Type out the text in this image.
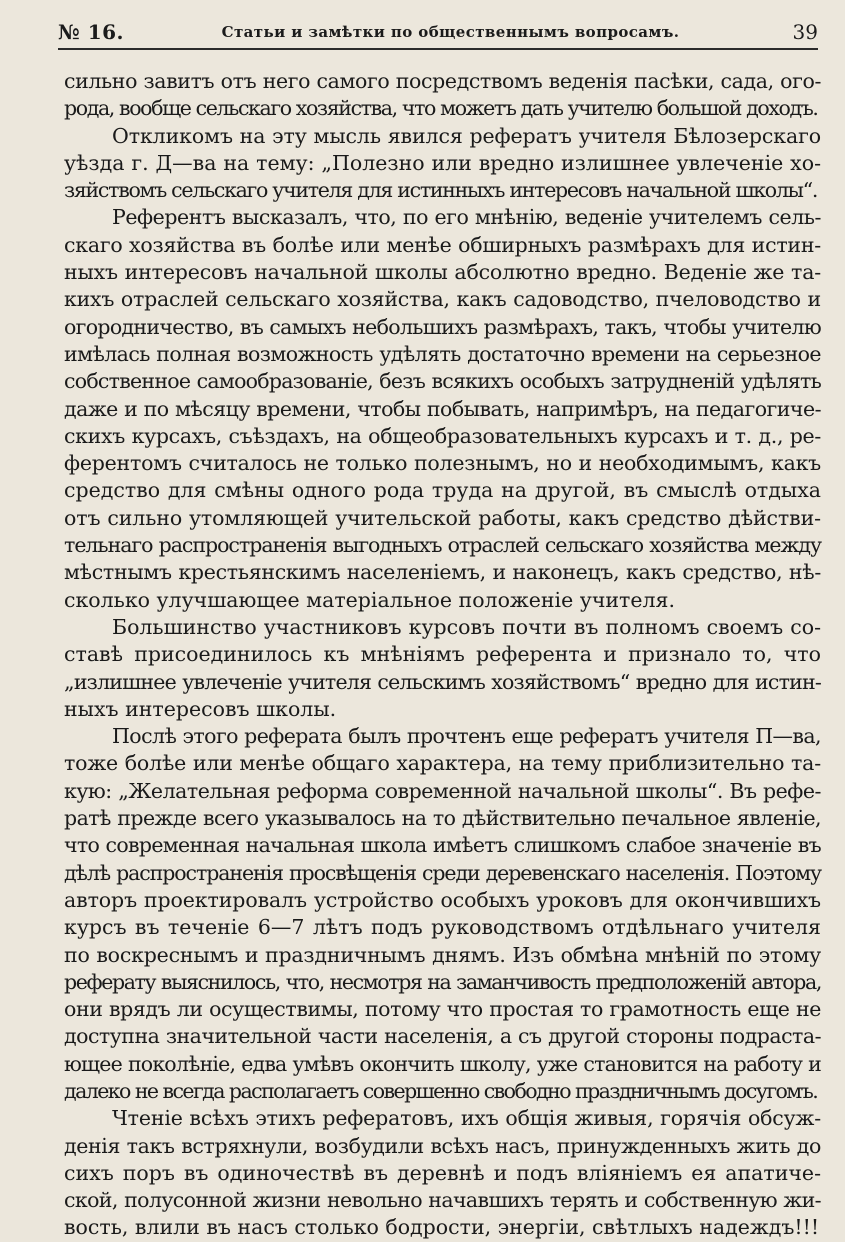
№ 16.	Статьи и замѣтки по общественнымъ вопросамъ.	39
сильно завитъ отъ него самого посредствомъ веденія пасѣки, сада, ого-
рода, вообще сельскаго хозяйства, что можетъ дать учителю большой доходъ.
Откликомъ на эту мысль явился рефератъ учителя Бѣлозерскаго
уѣзда г. Д—ва на тему: „Полезно или вредно излишнее увлеченіе хо-
зяйствомъ сельскаго учителя для истинныхъ интересовъ начальной школы“.
Референтъ высказалъ, что, по его мнѣнію, веденіе учителемъ сель-
скаго хозяйства въ болѣе или менѣе обширныхъ размѣрахъ для истин-
ныхъ интересовъ начальной школы абсолютно вредно. Веденіе же та-
кихъ отраслей сельскаго хозяйства, какъ садоводство, пчеловодство и
огородничество, въ самыхъ небольшихъ размѣрахъ, такъ, чтобы учителю
имѣлась полная возможность удѣлять достаточно времени на серьезное
собственное самообразованіе, безъ всякихъ особыхъ затрудненій удѣлять
даже и по мѣсяцу времени, чтобы побывать, напримѣръ, на педагогиче-
скихъ курсахъ, съѣздахъ, на общеобразовательныхъ курсахъ и т. д., ре-
ферентомъ считалось не только полезнымъ, но и необходимымъ, какъ
средство для смѣны одного рода труда на другой, въ смыслѣ отдыха
отъ сильно утомляющей учительской работы, какъ средство дѣйстви-
тельнаго распространенія выгодныхъ отраслей сельскаго хозяйства между
мѣстнымъ крестьянскимъ населеніемъ, и наконецъ, какъ средство, нѣ-
сколько улучшающее матеріальное положеніе учителя.
Большинство участниковъ курсовъ почти въ полномъ своемъ со-
ставѣ присоединилось къ мнѣніямъ референта и признало то, что
„излишнее увлеченіе учителя сельскимъ хозяйствомъ“ вредно для истин-
ныхъ интересовъ школы.
Послѣ этого реферата былъ прочтенъ еще рефератъ учителя П—ва,
тоже болѣе или менѣе общаго характера, на тему приблизительно та-
кую: „Желательная реформа современной начальной школы“. Въ рефе-
ратѣ прежде всего указывалось на то дѣйствительно печальное явленіе,
что современная начальная школа имѣетъ слишкомъ слабое значеніе въ
дѣлѣ распространенія просвѣщенія среди деревенскаго населенія. Поэтому
авторъ проектировалъ устройство особыхъ уроковъ для окончившихъ
курсъ въ теченіе 6—7 лѣтъ подъ руководствомъ отдѣльнаго учителя
по воскреснымъ и праздничнымъ днямъ. Изъ обмѣна мнѣній по этому
реферату выяснилось, что, несмотря на заманчивость предположеній автора,
они врядъ ли осуществимы, потому что простая то грамотность еще не
доступна значительной части населенія, а съ другой стороны подраста-
ющее поколѣніе, едва умѣвъ окончить школу, уже становится на работу и
далеко не всегда располагаетъ совершенно свободно праздничнымъ досугомъ.
Чтеніе всѣхъ этихъ рефератовъ, ихъ общія живыя, горячія обсуж-
денія такъ встряхнули, возбудили всѣхъ насъ, принужденныхъ жить до
сихъ поръ въ одиночествѣ въ деревнѣ и подъ вліяніемъ ея апатиче-
ской, полусонной жизни невольно начавшихъ терять и собственную жи-
вость, влили въ насъ столько бодрости, энергіи, свѣтлыхъ надеждъ!!!
